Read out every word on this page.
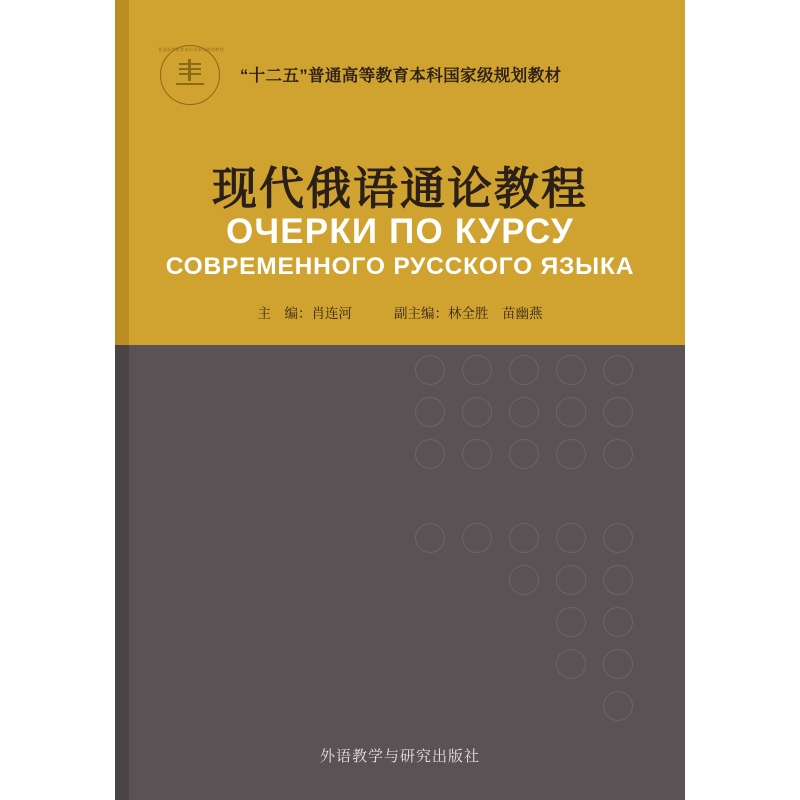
普通高等教育本科国家级规划教材
“十二五”普通高等教育本科国家级规划教材
现代俄语通论教程
ОЧЕРКИ ПО КУРСУ
СОВРЕМЕННОГО РУССКОГО ЯЗЫКА
主　编：肖连河	副主编：林全胜　苗幽燕
外语教学与研究出版社
